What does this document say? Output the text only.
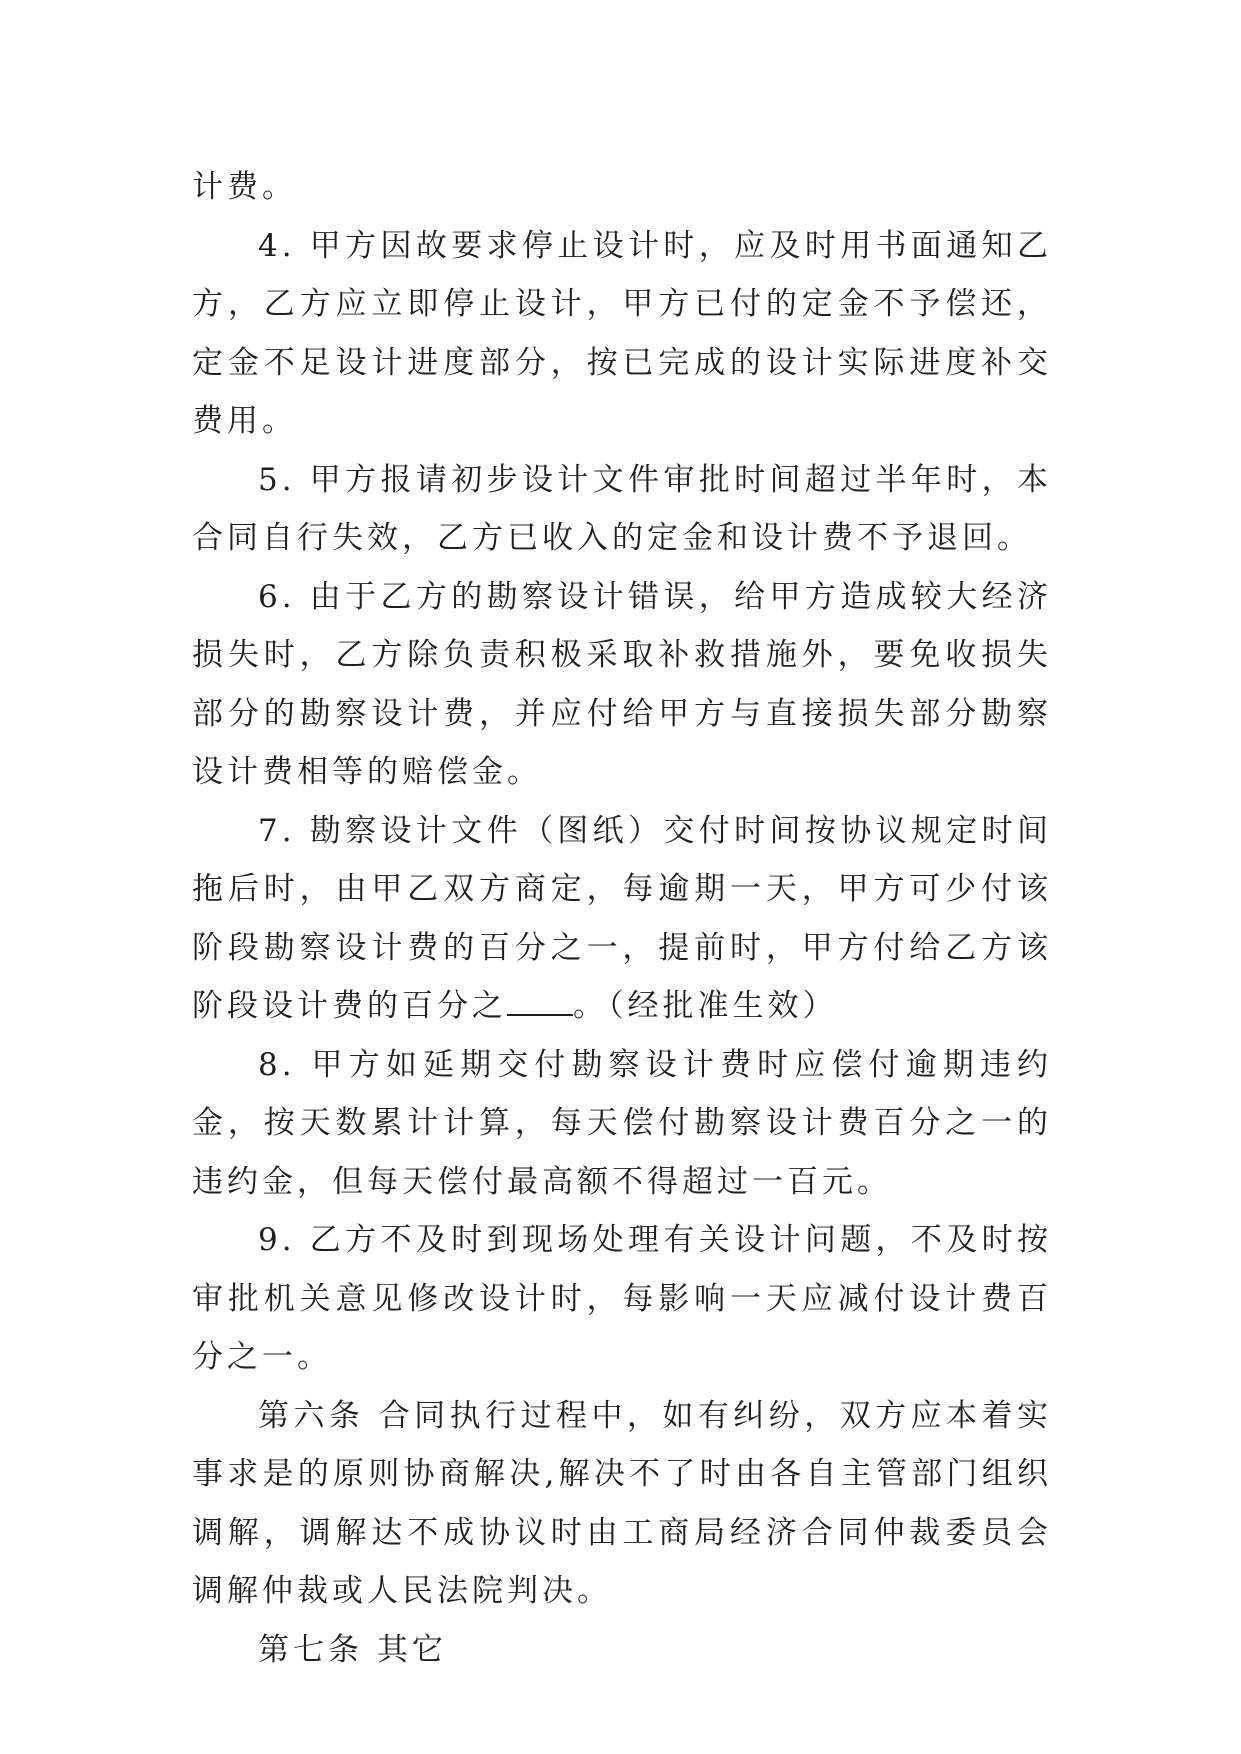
计费。

4. 甲方因故要求停止设计时，应及时用书面通知乙方，乙方应立即停止设计，甲方已付的定金不予偿还，定金不足设计进度部分，按已完成的设计实际进度补交费用。

5. 甲方报请初步设计文件审批时间超过半年时，本合同自行失效，乙方已收入的定金和设计费不予退回。

6. 由于乙方的勘察设计错误，给甲方造成较大经济损失时，乙方除负责积极采取补救措施外，要免收损失部分的勘察设计费，并应付给甲方与直接损失部分勘察设计费相等的赔偿金。

7. 勘察设计文件（图纸）交付时间按协议规定时间拖后时，由甲乙双方商定，每逾期一天，甲方可少付该阶段勘察设计费的百分之一，提前时，甲方付给乙方该阶段设计费的百分之 。（经批准生效）

8. 甲方如延期交付勘察设计费时应偿付逾期违约金，按天数累计计算，每天偿付勘察设计费百分之一的违约金，但每天偿付最高额不得超过一百元。

9. 乙方不及时到现场处理有关设计问题，不及时按审批机关意见修改设计时，每影响一天应减付设计费百分之一。

第六条 合同执行过程中，如有纠纷，双方应本着实事求是的原则协商解决,解决不了时由各自主管部门组织调解，调解达不成协议时由工商局经济合同仲裁委员会调解仲裁或人民法院判决。

第七条 其它
